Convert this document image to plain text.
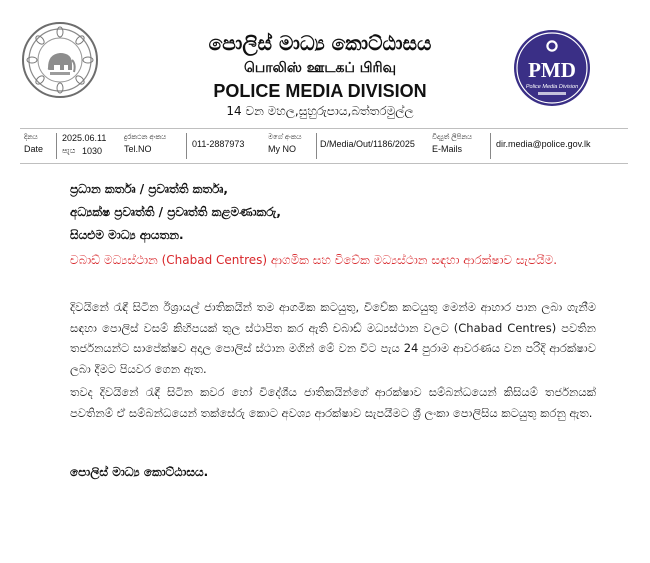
පොලිස් මාධ්‍ය කොට්ඨාසය
பொலிஸ் ஊடகப் பிரிவு
POLICE MEDIA DIVISION
14 වන මහල,සුහුරුපාය,බත්තරමුල්ල
PMD
Police Media Division
දිනය
Date
2025.06.11
පැය 1030
දුරකථන අංකය
Tel.NO	011-2887973
මගේ අංකය
My NO	D/Media/Out/1186/2025
විද්‍යුත් ලිපිනය
E-Mails	dir.media@police.gov.lk
ප්‍රධාන කර්තෘ / ප්‍රවෘත්ති කර්තෘ,
අධ්‍යක්ෂ ප්‍රවෘත්ති / ප්‍රවෘත්ති කළමණාකරු,
සියළුම මාධ්‍ය ආයතන.
චබාඩ් මධ්‍යස්ථාන (Chabad Centres) ආගමික සහ විවේක මධ්‍යස්ථාන සඳහා ආරක්ෂාව සැපයීම.
දිවයිනේ රැඳී සිටින ඊශ්‍රායල් ජාතිකයින් තම ආගමික කටයුතු, විවේක කටයුතු මෙන්ම ආහාර පාන ලබා ගැනීම සඳහා පොලිස් වසම් කිහිපයක් තුල ස්ථාපිත කර ඇති චබාඩ් මධ්‍යස්ථාන වලට (Chabad Centres) පවතින තර්ජනයන්ට සාපේක්ෂව අදාල පොලිස් ස්ථාන මගින් මේ වන විට පැය 24 පුරාම ආවරණය වන පරිදි ආරක්ෂාව ලබා දීමට පියවර ගෙන ඇත.
තවද දිවයිනේ රැඳී සිටින කවර හෝ විදේශීය ජාතිකයින්ගේ ආරක්ෂාව සම්බන්ධයෙන් කිසියම් තර්ජනයක් පවතිනම් ඒ සම්බන්ධයෙන් තක්සේරු කොට අවශ්‍ය ආරක්ෂාව සැපයීමට ශ්‍රී ලංකා පොලිසිය කටයුතු කරනු ඇත.
පොලිස් මාධ්‍ය කොට්ඨාසය.
